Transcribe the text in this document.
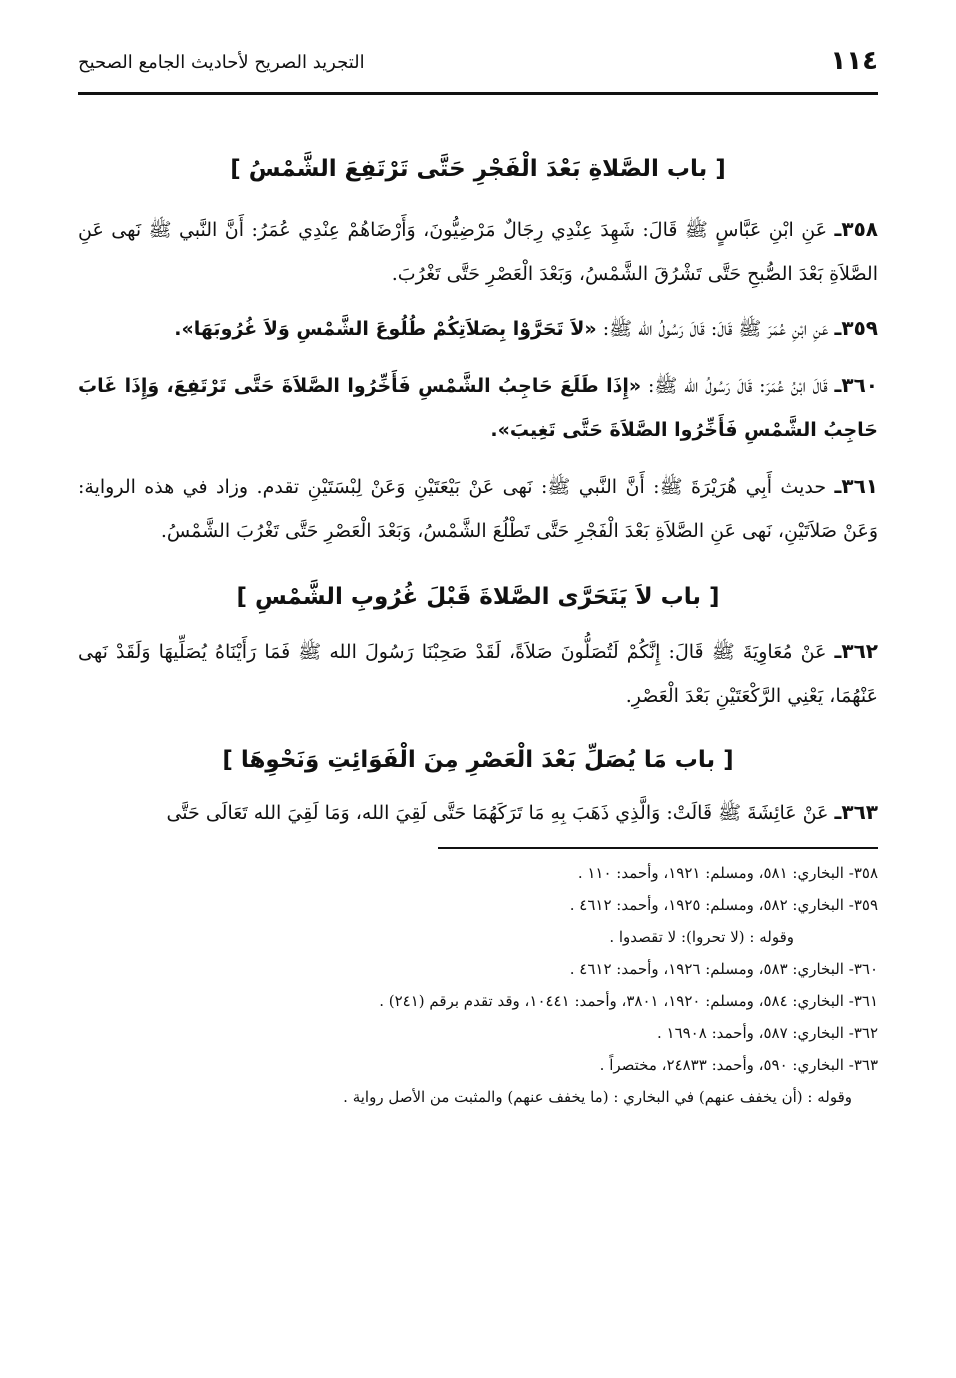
١١٤
التجريد الصريح لأحاديث الجامع الصحيح
[ باب الصَّلاةِ بَعْدَ الْفَجْرِ حَتَّى تَرْتَفِعَ الشَّمْسُ ]

٣٥٨ـ عَنِ ابْنِ عَبَّاسٍ ﷺ قَالَ: شَهِدَ عِنْدِي رِجَالٌ مَرْضِيُّونَ، وَأَرْضَاهُمْ عِنْدِي عُمَرُ: أَنَّ النَّبي ﷺ نَهى عَنِ الصَّلاَةِ بَعْدَ الصُّبحِ حَتَّى تَشْرُقَ الشَّمْسُ، وَبَعْدَ الْعَصْرِ حَتَّى تَغْرُبَ.

٣٥٩ـ عَنِ ابْنِ عُمَرَ ﷺ قَالَ: قَالَ رَسُولُ الله ﷺ: «لاَ تَحَرَّوْا بِصَلاَتِكُمْ طُلُوعَ الشَّمْسِ وَلاَ غُرُوبَهَا».

٣٦٠ـ قَالَ ابْنُ عُمَرَ: قَالَ رَسُولُ الله ﷺ: «إِذَا طَلَعَ حَاجِبُ الشَّمْسِ فَأَخِّرُوا الصَّلاَةَ حَتَّى تَرْتَفِعَ، وَإِذَا غَابَ حَاجِبُ الشَّمْسِ فَأَخِّرُوا الصَّلاَةَ حَتَّى تَغِيبَ».

٣٦١ـ حديث أَبِي هُرَيْرَةَ ﷺ: أَنَّ النَّبي ﷺ: نَهى عَنْ بَيْعَتَيْنِ وَعَنْ لِبْسَتَيْنِ تقدم. وزاد في هذه الرواية: وَعَنْ صَلاَتَيْنِ، نَهى عَنِ الصَّلاَةِ بَعْدَ الْفَجْرِ حَتَّى تَطْلُعَ الشَّمْسُ، وَبَعْدَ الْعَصْرِ حَتَّى تَغْرُبَ الشَّمْسُ.

[ باب لاَ يَتَحَرَّى الصَّلاةَ قَبْلَ غُرُوبِ الشَّمْسِ ]

٣٦٢ـ عَنْ مُعَاوِيَةَ ﷺ قَالَ: إِنَّكُمْ لَتُصَلُّونَ صَلاَةً، لَقَدْ صَحِبْنَا رَسُولَ الله ﷺ فَمَا رَأَيْنَاهُ يُصَلِّيهَا وَلَقَدْ نَهى عَنْهُمَا، يَعْنِي الرَّكْعَتَيْنِ بَعْدَ الْعَصْرِ.

[ باب مَا يُصَلِّ بَعْدَ الْعَصْرِ مِنَ الْفَوَائِتِ وَنَحْوِهَا ]

٣٦٣ـ عَنْ عَائِشَةَ ﷺ قَالَتْ: وَالَّذِي ذَهَبَ بِهِ مَا تَرَكَهُمَا حَتَّى لَقِيَ الله، وَمَا لَقِيَ الله تَعَالَى حَتَّى

٣٥٨- البخاري: ٥٨١، ومسلم: ١٩٢١، وأحمد: ١١٠ .

٣٥٩- البخاري: ٥٨٢، ومسلم: ١٩٢٥، وأحمد: ٤٦١٢ .

وقوله : (لا تحروا): لا تقصدوا .

٣٦٠- البخاري: ٥٨٣، ومسلم: ١٩٢٦، وأحمد: ٤٦١٢ .

٣٦١- البخاري: ٥٨٤، ومسلم: ١٩٢٠، ٣٨٠١، وأحمد: ١٠٤٤١، وقد تقدم برقم (٢٤١) .

٣٦٢- البخاري: ٥٨٧، وأحمد: ١٦٩٠٨ .

٣٦٣- البخاري: ٥٩٠، وأحمد: ٢٤٨٣٣، مختصراً .

وقوله : (أن يخفف عنهم) في البخاري : (ما يخفف عنهم) والمثبت من الأصل رواية .
